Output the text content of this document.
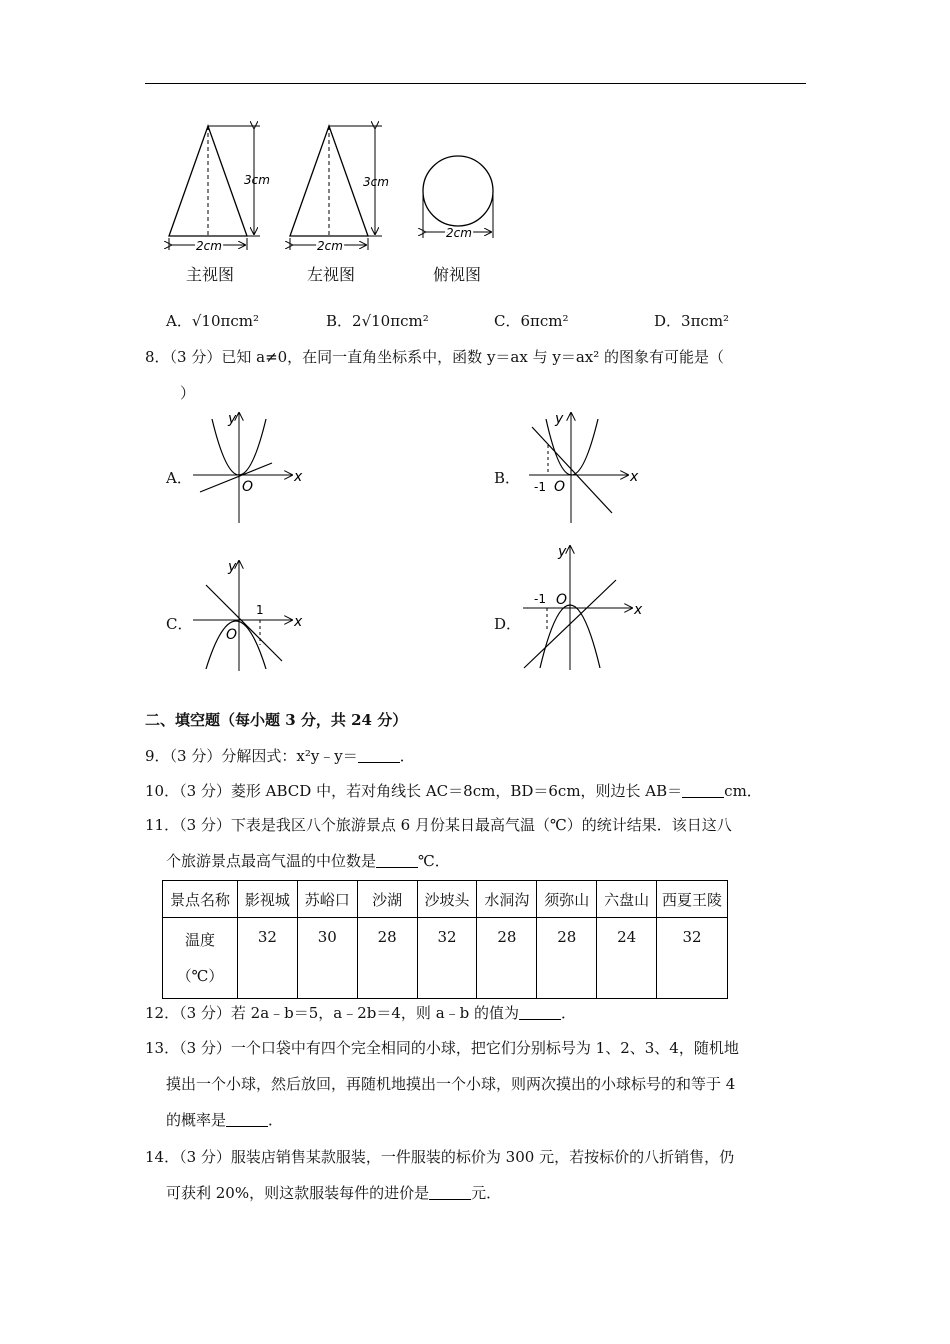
3cm
2cm
3cm
2cm
2cm
主视图	左视图	俯视图
A．√10πcm²	B．2√10πcm²	C．6πcm²	D．3πcm²
8．（3 分）已知 a≠0，在同一直角坐标系中，函数 y＝ax 与 y＝ax² 的图象有可能是（
）
A．	B．
C．	D．
x
y
O
x
y
O
-1
x
y
O
1	x
y
O
-1
二、填空题（每小题 3 分，共 24 分）
9．（3 分）分解因式：x²y﹣y＝	．
10．（3 分）菱形 ABCD 中，若对角线长 AC＝8cm，BD＝6cm，则边长 AB＝	cm．
11．（3 分）下表是我区八个旅游景点 6 月份某日最高气温（℃）的统计结果．该日这八
个旅游景点最高气温的中位数是	℃．
景点名称	影视城	苏峪口	沙湖	沙坡头	水洞沟	须弥山	六盘山	西夏王陵
温度
（℃）	32	30	28	32	28	28	24	32
12．（3 分）若 2a﹣b＝5，a﹣2b＝4，则 a﹣b 的值为	．
13．（3 分）一个口袋中有四个完全相同的小球，把它们分别标号为 1、2、3、4，随机地
摸出一个小球，然后放回，再随机地摸出一个小球，则两次摸出的小球标号的和等于 4
的概率是	．
14．（3 分）服装店销售某款服装，一件服装的标价为 300 元，若按标价的八折销售，仍
可获利 20%，则这款服装每件的进价是	元．
